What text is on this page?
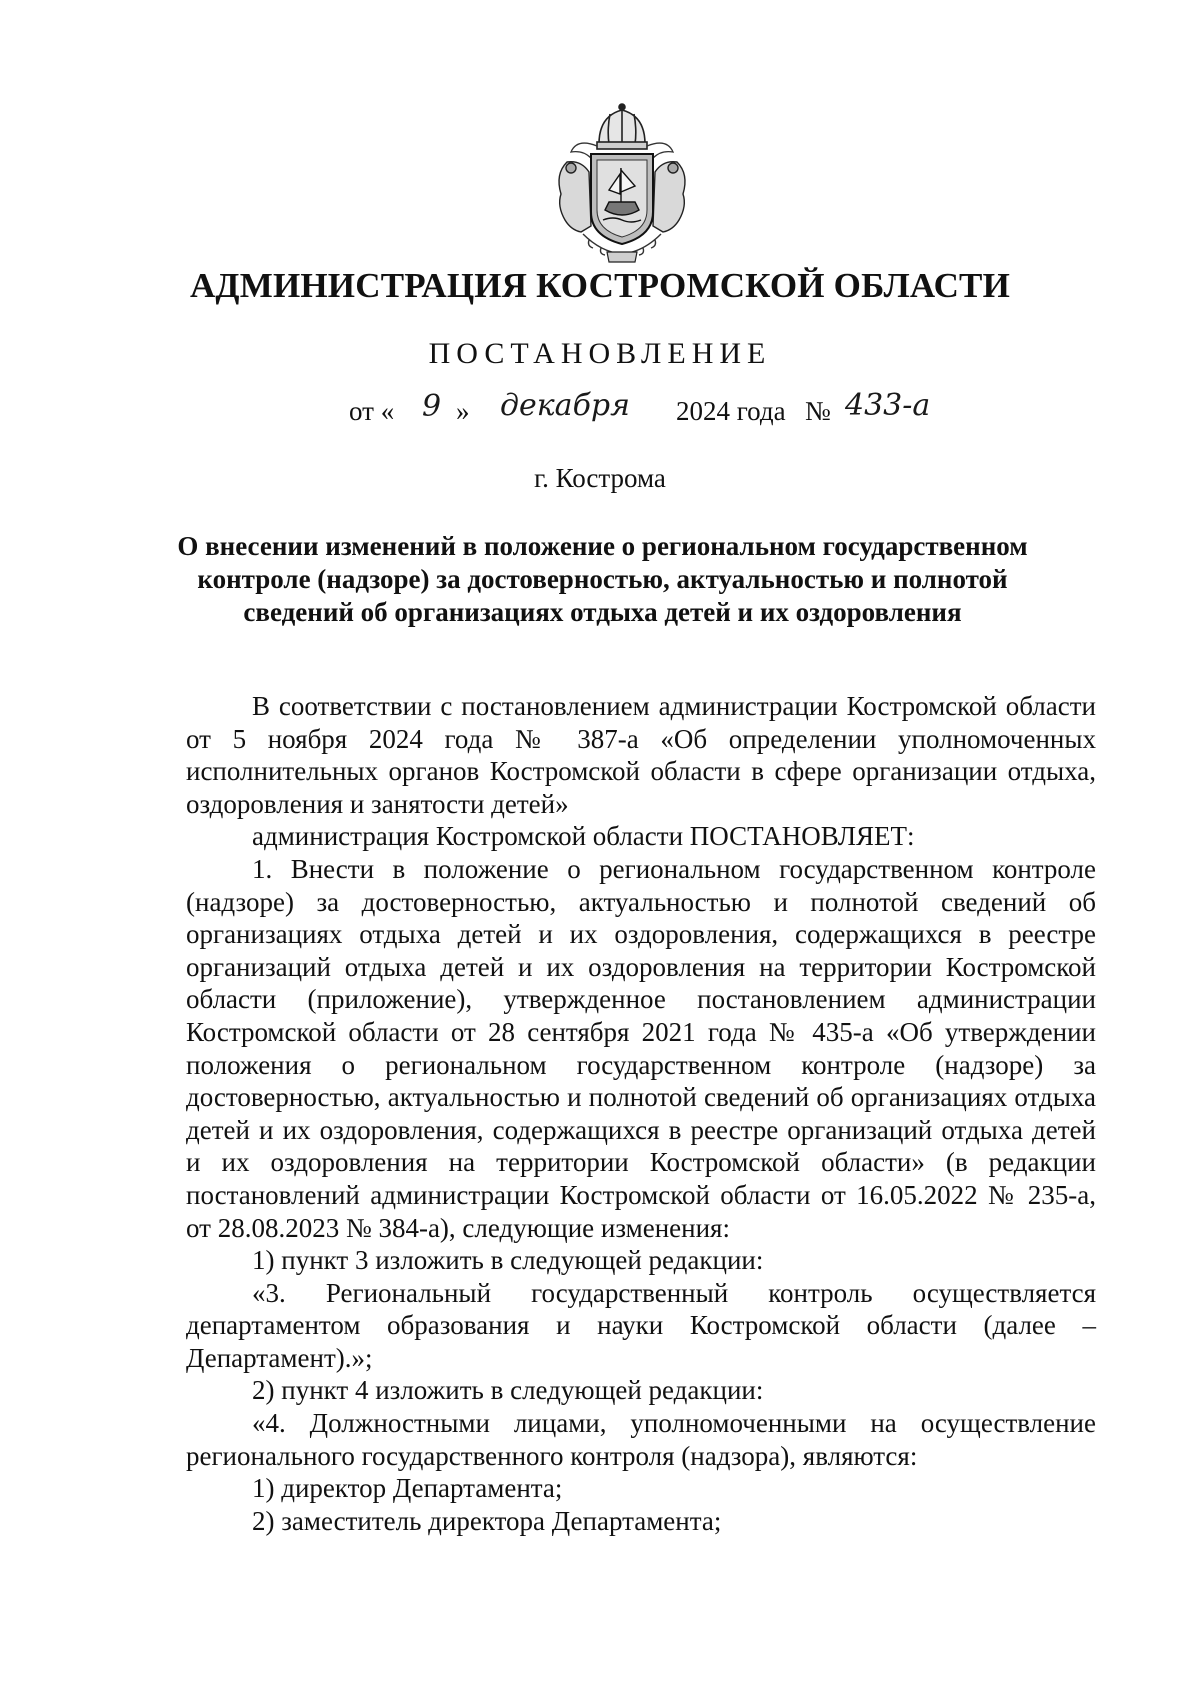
АДМИНИСТРАЦИЯ КОСТРОМСКОЙ ОБЛАСТИ
ПОСТАНОВЛЕНИЕ
от « 9 » декабря 2024 года № 433-а
г. Кострома
О внесении изменений в положение о региональном государственном контроле (надзоре) за достоверностью, актуальностью и полнотой сведений об организациях отдыха детей и их оздоровления

В соответствии с постановлением администрации Костромской области от 5 ноября 2024 года № 387-а «Об определении уполномоченных исполнительных органов Костромской области в сфере организации отдыха, оздоровления и занятости детей»

администрация Костромской области ПОСТАНОВЛЯЕТ:

1. Внести в положение о региональном государственном контроле (надзоре) за достоверностью, актуальностью и полнотой сведений об организациях отдыха детей и их оздоровления, содержащихся в реестре организаций отдыха детей и их оздоровления на территории Костромской области (приложение), утвержденное постановлением администрации Костромской области от 28 сентября 2021 года № 435-а «Об утверждении положения о региональном государственном контроле (надзоре) за достоверностью, актуальностью и полнотой сведений об организациях отдыха детей и их оздоровления, содержащихся в реестре организаций отдыха детей и их оздоровления на территории Костромской области» (в редакции постановлений администрации Костромской области от 16.05.2022 № 235-а, от 28.08.2023 № 384-а), следующие изменения:

1) пункт 3 изложить в следующей редакции:

«3. Региональный государственный контроль осуществляется департаментом образования и науки Костромской области (далее – Департамент).»;

2) пункт 4 изложить в следующей редакции:

«4. Должностными лицами, уполномоченными на осуществление регионального государственного контроля (надзора), являются:

1) директор Департамента;

2) заместитель директора Департамента;
